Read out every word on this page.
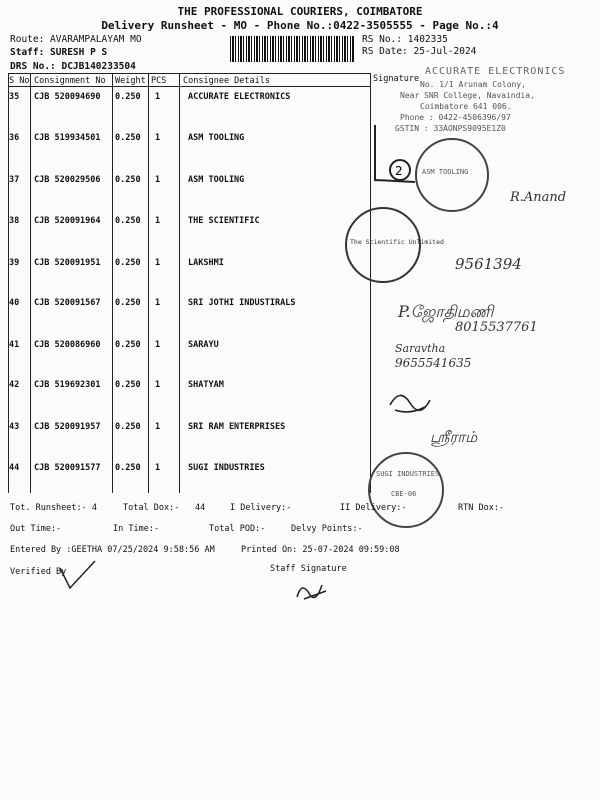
THE PROFESSIONAL COURIERS, COIMBATORE
Delivery Runsheet - MO - Phone No.:0422-3505555 - Page No.:4
Route: AVARAMPALAYAM MO
Staff: SURESH P S
DRS No.: DCJB140233504
RS No.: 1402335
RS Date: 25-Jul-2024
S No Consignment No Weight PCS Consignee Details	Signature
35 CJB 520094690 0.250 1	ACCURATE ELECTRONICS
36 CJB 519934501 0.250 1	ASM TOOLING
37 CJB 520029506 0.250 1	ASM TOOLING
38 CJB 520091964 0.250 1	THE SCIENTIFIC
39 CJB 520091951 0.250 1	LAKSHMI
40 CJB 520091567 0.250 1	SRI JOTHI INDUSTIRALS
41 CJB 520086960 0.250 1	SARAYU
42 CJB 519692301 0.250 1	SHATYAM
43 CJB 520091957 0.250 1	SRI RAM ENTERPRISES
44 CJB 520091577 0.250 1	SUGI INDUSTRIES
ACCURATE ELECTRONICS
No. 1/1 Arunam Colony,
Near SNR College, Navaindia,
Coimbatore 641 006.
Phone : 0422-4506396/97
GSTIN : 33AONPS9095E1Z0
2	ASM TOOLING
R.Anand
The Scientific Unlimited
9561394
P.ஜோதிமணி
8015537761
Saravtha
9655541635
ஸ்ரீராம்
SUGI INDUSTRIES
CBE-06
Tot. Runsheet:- 4	Total Dox:- 44	I Delivery:-	II Delivery:-	RTN Dox:-
Out Time:-	In Time:-	Total POD:-	Delvy Points:-
Entered By :GEETHA 07/25/2024 9:58:56 AM	Printed On: 25-07-2024 09:59:08
Verified By	Staff Signature
